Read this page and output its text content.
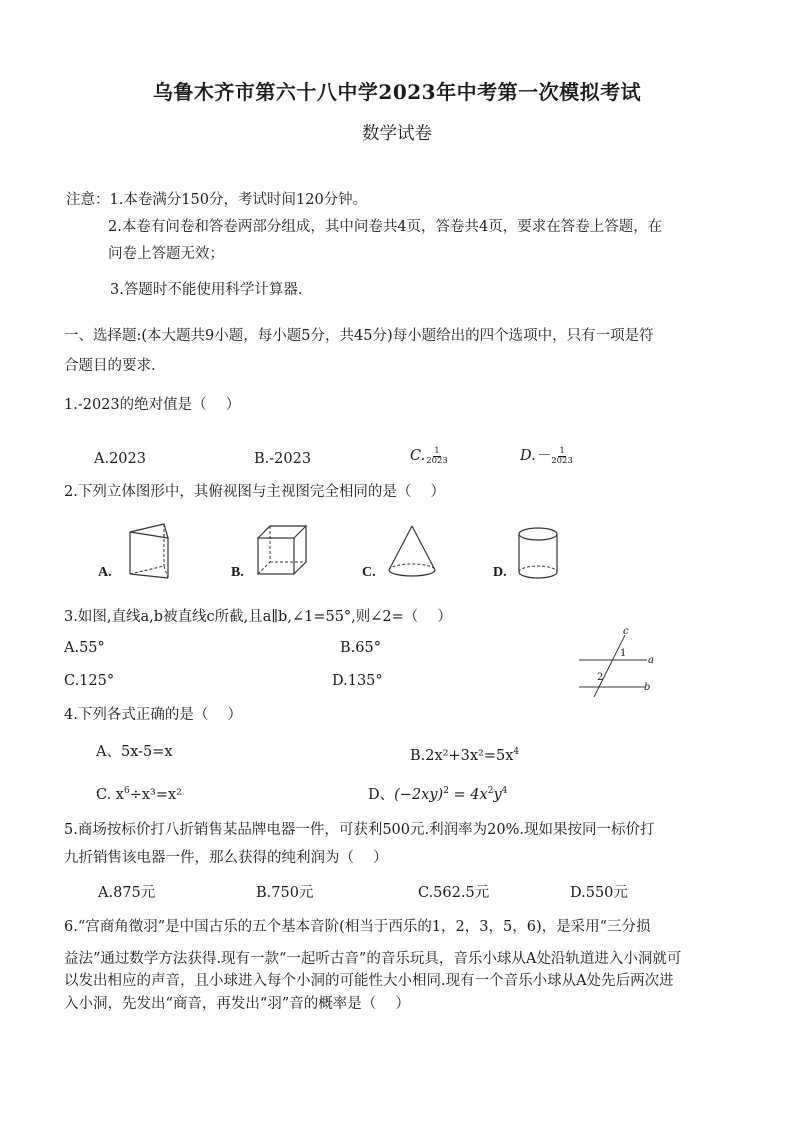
乌鲁木齐市第六十八中学2023年中考第一次模拟考试
数学试卷
注意：1.本卷满分150分，考试时间120分钟。
2.本卷有问卷和答卷两部分组成，其中问卷共4页，答卷共4页，要求在答卷上答题，在
问卷上答题无效；
3.答题时不能使用科学计算器.
一、选择题:(本大题共9小题，每小题5分，共45分)每小题给出的四个选项中，只有一项是符
合题目的要求.
1.-2023的绝对值是（　 ）
A.2023	B.-2023	C. $\frac{1}{2023}$	$D.- \frac{1}{2023}$
2.下列立体图形中，其俯视图与主视图完全相同的是（　 ）
A.	B.	C.	D.
3.如图,直线a,b被直线c所截,且a∥b,∠1=55°,则∠2=（　 ）
A.55°	B.65°
C.125°	D.135°
c
1
a
2
b
4.下列各式正确的是（　 ）
A、5x-5=x	$B.2x^2+3x^2=5x^4$
C. $x^6\div x^3=x^2$	D、$(-2xy)^2 = 4x^2y^4$
5.商场按标价打八折销售某品牌电器一件，可获利500元.利润率为20%.现如果按同一标价打
九折销售该电器一件，那么获得的纯利润为（　 ）
A.875元	B.750元	C.562.5元	D.550元
6.“宫商角徵羽”是中国古乐的五个基本音阶(相当于西乐的1，2，3，5，6)，是采用“三分损
益法”通过数学方法获得.现有一款“一起听古音”的音乐玩具，音乐小球从A处沿轨道进入小洞就可
以发出相应的声音，且小球进入每个小洞的可能性大小相同.现有一个音乐小球从A处先后两次进
入小洞，先发出“商音，再发出“羽”音的概率是（　 ）
